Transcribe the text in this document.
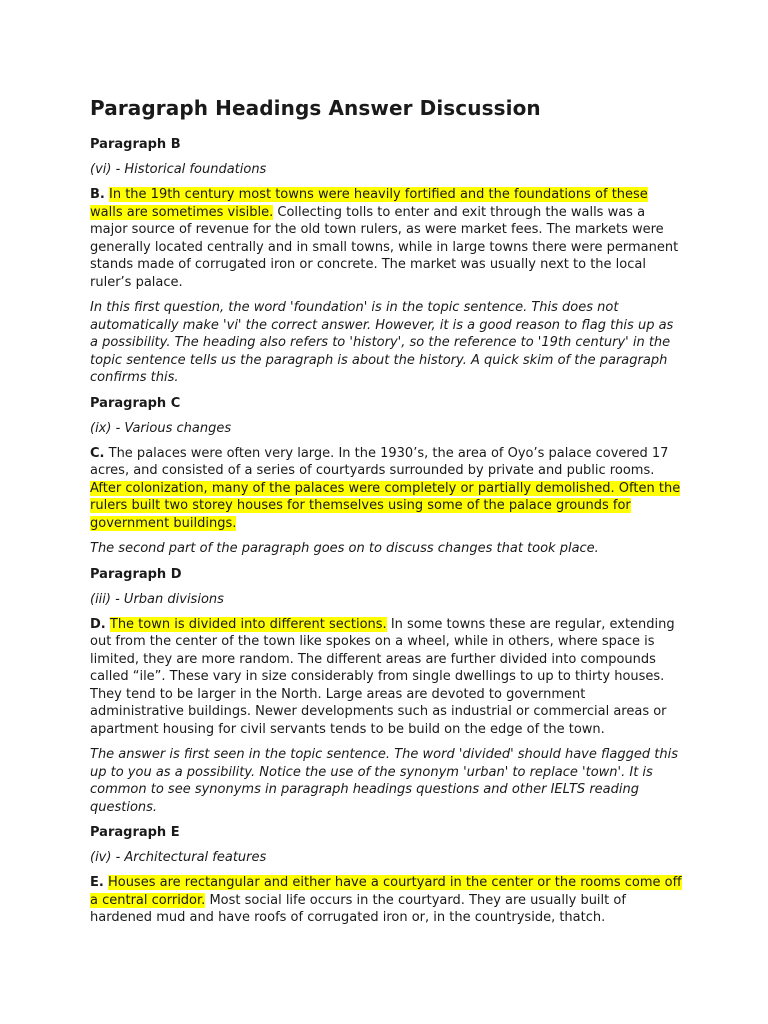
Paragraph Headings Answer Discussion

Paragraph B

(vi) - Historical foundations

B. In the 19th century most towns were heavily fortified and the foundations of these walls are sometimes visible. Collecting tolls to enter and exit through the walls was a major source of revenue for the old town rulers, as were market fees. The markets were generally located centrally and in small towns, while in large towns there were permanent stands made of corrugated iron or concrete. The market was usually next to the local ruler’s palace.

In this first question, the word 'foundation' is in the topic sentence. This does not automatically make 'vi' the correct answer. However, it is a good reason to flag this up as a possibility. The heading also refers to 'history', so the reference to '19th century' in the topic sentence tells us the paragraph is about the history. A quick skim of the paragraph confirms this.

Paragraph C

(ix) - Various changes

C. The palaces were often very large. In the 1930’s, the area of Oyo’s palace covered 17 acres, and consisted of a series of courtyards surrounded by private and public rooms. After colonization, many of the palaces were completely or partially demolished. Often the rulers built two storey houses for themselves using some of the palace grounds for government buildings.

The second part of the paragraph goes on to discuss changes that took place.

Paragraph D

(iii) - Urban divisions

D. The town is divided into different sections. In some towns these are regular, extending out from the center of the town like spokes on a wheel, while in others, where space is limited, they are more random. The different areas are further divided into compounds called “ile”. These vary in size considerably from single dwellings to up to thirty houses. They tend to be larger in the North. Large areas are devoted to government administrative buildings. Newer developments such as industrial or commercial areas or apartment housing for civil servants tends to be build on the edge of the town.

The answer is first seen in the topic sentence. The word 'divided' should have flagged this up to you as a possibility. Notice the use of the synonym 'urban' to replace 'town'. It is common to see synonyms in paragraph headings questions and other IELTS reading questions.

Paragraph E

(iv) - Architectural features

E. Houses are rectangular and either have a courtyard in the center or the rooms come off a central corridor. Most social life occurs in the courtyard. They are usually built of hardened mud and have roofs of corrugated iron or, in the countryside, thatch.
